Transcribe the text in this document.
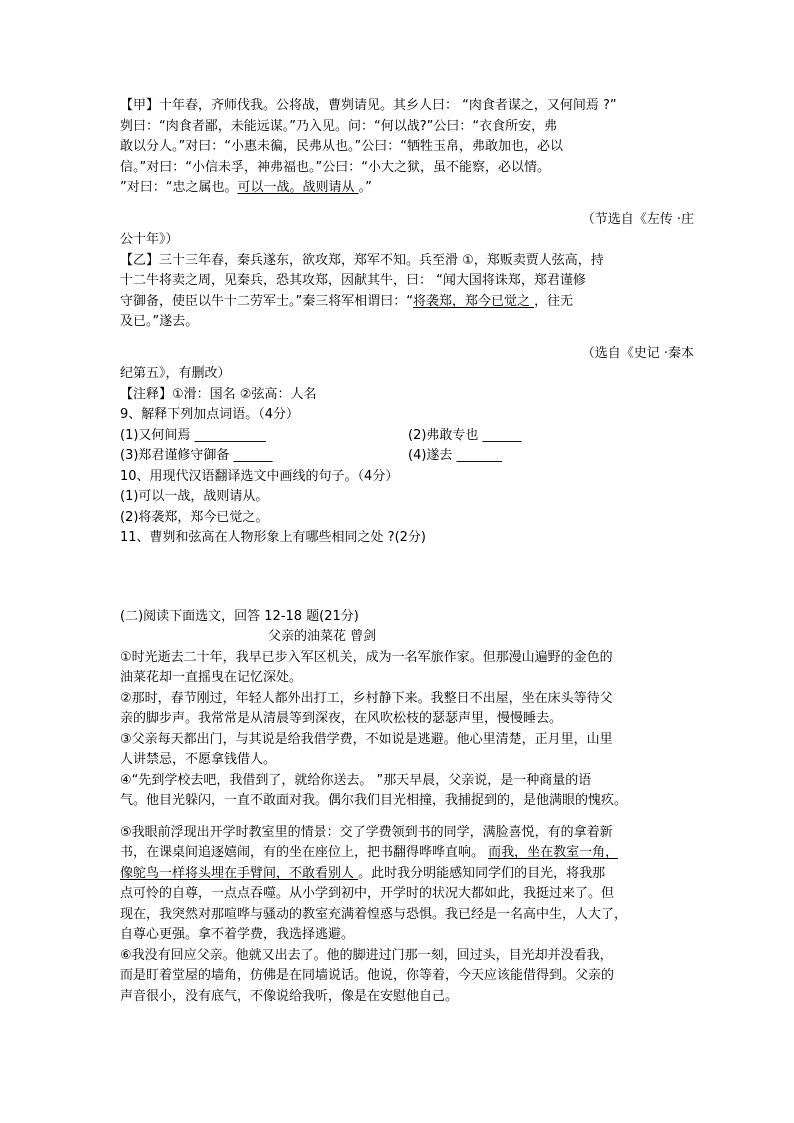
【甲】十年春，齐师伐我。公将战，曹刿请见。其乡人曰： “肉食者谋之，又何间焉 ?”
刿曰：“肉食者鄙，未能远谋。”乃入见。问：“何以战?”公曰：“衣食所安，弗
敢以分人。”对曰：“小惠未徧，民弗从也。”公曰：“牺牲玉帛，弗敢加也，必以
信。”对曰：“小信未孚，神弗福也。”公曰：“小大之狱，虽不能察，必以情。
”对曰：“忠之属也。可以一战。战则请从 。”
（节选自《左传 ·庄
公十年》）
【乙】三十三年春，秦兵遂东，欲攻郑，郑军不知。兵至滑 ①，郑贩卖贾人弦高，持
十二牛将卖之周，见秦兵，恐其攻郑，因献其牛，曰： “闻大国将诛郑，郑君谨修
守御备，使臣以牛十二劳军士。”秦三将军相谓曰：“将袭郑，郑今已觉之 ，往无
及已。”遂去。
（选自《史记 ·秦本
纪第五》，有删改）
【注释】①滑：国名 ②弦高：人名
9、解释下列加点词语。（4分）
(1)又何间焉 ___________	(2)弗敢专也 ______
(3)郑君谨修守御备 ______	(4)遂去 _______
10、用现代汉语翻译选文中画线的句子。（4分）
(1)可以一战，战则请从。
(2)将袭郑，郑今已觉之。
11、曹刿和弦高在人物形象上有哪些相同之处 ?(2分)
(二)阅读下面选文，回答 12-18 题(21分)
父亲的油菜花 曾剑
①时光逝去二十年，我早已步入军区机关，成为一名军旅作家。但那漫山遍野的金色的
油菜花却一直摇曳在记忆深处。
②那时，春节刚过，年轻人都外出打工，乡村静下来。我整日不出屋，坐在床头等待父
亲的脚步声。我常常是从清晨等到深夜，在风吹松枝的瑟瑟声里，慢慢睡去。
③父亲每天都出门，与其说是给我借学费，不如说是逃避。他心里清楚，正月里，山里
人讲禁忌，不愿拿钱借人。
④“先到学校去吧，我借到了，就给你送去。 ”那天早晨，父亲说，是一种商量的语
气。他目光躲闪，一直不敢面对我。偶尔我们目光相撞，我捕捉到的，是他满眼的愧疚。
⑤我眼前浮现出开学时教室里的情景：交了学费领到书的同学，满脸喜悦，有的拿着新
书，在课桌间追逐嬉闹，有的坐在座位上，把书翻得哗哗直响。 而我，坐在教室一角，
像鸵鸟一样将头埋在手臂间，不敢看别人 。此时我分明能感知同学们的目光，将我那
点可怜的自尊，一点点吞噬。从小学到初中，开学时的状况大都如此，我挺过来了。但
现在，我突然对那喧哗与骚动的教室充满着惶惑与恐惧。我已经是一名高中生，人大了，
自尊心更强。拿不着学费，我选择逃避。
⑥我没有回应父亲。他就又出去了。他的脚进过门那一刻，回过头，目光却并没看我，
而是盯着堂屋的墙角，仿佛是在同墙说话。他说，你等着，今天应该能借得到。父亲的
声音很小，没有底气，不像说给我听，像是在安慰他自己。
